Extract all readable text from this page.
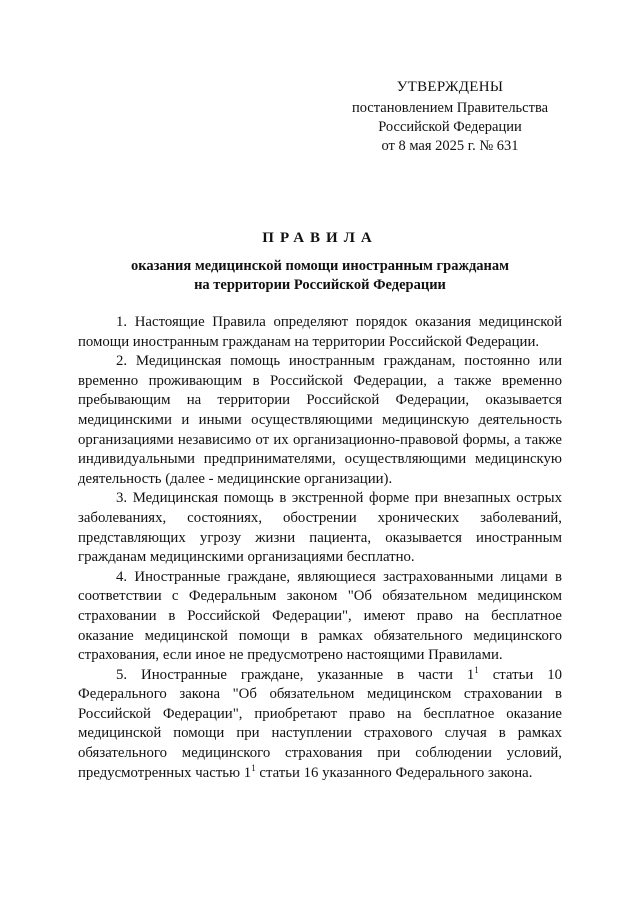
УТВЕРЖДЕНЫ
постановлением Правительства
Российской Федерации
от 8 мая 2025 г. № 631
ПРАВИЛА
оказания медицинской помощи иностранным гражданам
на территории Российской Федерации

1. Настоящие Правила определяют порядок оказания медицинской помощи иностранным гражданам на территории Российской Федерации.

2. Медицинская помощь иностранным гражданам, постоянно или временно проживающим в Российской Федерации, а также временно пребывающим на территории Российской Федерации, оказывается медицинскими и иными осуществляющими медицинскую деятельность организациями независимо от их организационно-правовой формы, а также индивидуальными предпринимателями, осуществляющими медицинскую деятельность (далее - медицинские организации).

3. Медицинская помощь в экстренной форме при внезапных острых заболеваниях, состояниях, обострении хронических заболеваний, представляющих угрозу жизни пациента, оказывается иностранным гражданам медицинскими организациями бесплатно.

4. Иностранные граждане, являющиеся застрахованными лицами в соответствии с Федеральным законом "Об обязательном медицинском страховании в Российской Федерации", имеют право на бесплатное оказание медицинской помощи в рамках обязательного медицинского страхования, если иное не предусмотрено настоящими Правилами.

5. Иностранные граждане, указанные в части $1^1$ статьи 10 Федерального закона "Об обязательном медицинском страховании в Российской Федерации", приобретают право на бесплатное оказание медицинской помощи при наступлении страхового случая в рамках обязательного медицинского страхования при соблюдении условий, предусмотренных частью $1^1$ статьи 16 указанного Федерального закона.
